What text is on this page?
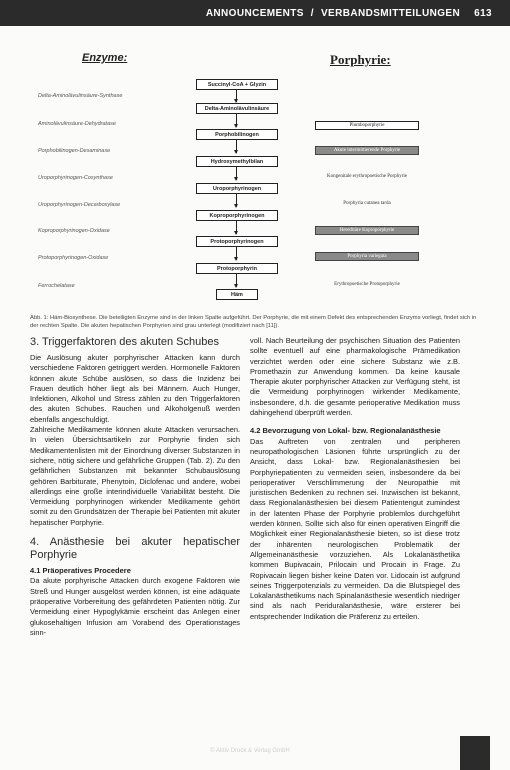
ANNOUNCEMENTS / VERBANDSMITTEILUNGEN 613
Enzyme:	Porphyrie:
Delta-Aminolävulinsäure-Synthase
Aminolävulinsäure-Dehydratase
Porphobilinogen-Desaminase
Uroporphyrinogen-Cosynthase
Uroporphyrinogen-Decarboxylase
Koproporphyrinogen-Oxidase
Protoporphyrinogen-Oxidase
Ferrochelatase
Succinyl-CoA + Glyzin
Delta-Aminolävulinsäure
Porphobilinogen
Hydroxymethylbilan
Uroporphyrinogen
Koproporphyrinogen
Protoporphyrinogen
Protoporphyrin
Häm
Plumboporphyrie
Akute intermittierende Porphyrie
Kongenitale erythropoetische Porphyrie
Porphyria cutanea tarda
Hereditäre Koproporphyrie
Porphyria variegata
Erythropoetische Protoporphyrie
Abb. 1: Häm-Biosynthese. Die beteiligten Enzyme sind in der linken Spalte aufgeführt. Der Porphyrie, die mit einem Defekt des entsprechenden Enzyms vorliegt, findet sich in der rechten Spalte. Die akuten hepatischen Porphyrien sind grau unterlegt (modifiziert nach [11]).
3. Triggerfaktoren des akuten Schubes

Die Auslösung akuter porphyrischer Attacken kann durch verschiedene Faktoren getriggert werden. Hormonelle Faktoren können akute Schübe auslösen, so dass die Inzidenz bei Frauen deutlich höher liegt als bei Männern. Auch Hunger, Infektionen, Alkohol und Stress zählen zu den Triggerfaktoren des akuten Schubes. Rauchen und Alkoholgenuß werden ebenfalls angeschuldigt.

Zahlreiche Medikamente können akute Attacken verursachen. In vielen Übersichtsartikeln zur Porphyrie finden sich Medikamentenlisten mit der Einordnung diverser Substanzen in sichere, nötig sichere und gefährliche Gruppen (Tab. 2). Zu den gefährlichen Substanzen mit bekannter Schubauslösung gehören Barbiturate, Phenytoin, Diclofenac und andere, wobei allerdings eine große interindividuelle Variabilität besteht. Die Vermeidung porphyrinogen wirkender Medikamente gehört somit zu den Grundsätzen der Therapie bei Patienten mit akuter hepatischer Porphyrie.

4. Anästhesie bei akuter hepatischer Porphyrie
4.1 Präoperatives Procedere

Da akute porphyrische Attacken durch exogene Faktoren wie Streß und Hunger ausgelöst werden können, ist eine adäquate präoperative Vorbereitung des gefährdeten Patienten nötig. Zur Vermeidung einer Hypoglykämie erscheint das Anlegen einer glukosehaltigen Infusion am Vorabend des Operationstages sinn-

voll. Nach Beurteilung der psychischen Situation des Patienten sollte eventuell auf eine pharmakologische Prämedikation verzichtet werden oder eine sichere Substanz wie z.B. Promethazin zur Anwendung kommen. Da keine kausale Therapie akuter porphyrischer Attacken zur Verfügung steht, ist die Vermeidung porphyrinogen wirkender Medikamente, insbesondere, d.h. die gesamte perioperative Medikation muss dahingehend überprüft werden.

4.2 Bevorzugung von Lokal- bzw. Regionalanästhesie

Das Auftreten von zentralen und peripheren neuropathologischen Läsionen führte ursprünglich zu der Ansicht, dass Lokal- bzw. Regionalanästhesien bei Porphyriepatienten zu vermeiden seien, insbesondere da bei perioperativer Verschlimmerung der Neuropathie mit juristischen Bedenken zu rechnen sei. Inzwischen ist bekannt, dass Regionalanästhesien bei diesem Patientengut zumindest in der latenten Phase der Porphyrie problemlos durchgeführt werden können. Sollte sich also für einen operativen Eingriff die Möglichkeit einer Regionalanästhesie bieten, so ist diese trotz der inhärenten neurologischen Problematik der Allgemeinanästhesie vorzuziehen. Als Lokalanästhetika kommen Bupivacain, Prilocain und Procain in Frage. Zu Ropivacain liegen bisher keine Daten vor. Lidocain ist aufgrund seines Triggerpotenzials zu vermeiden. Da die Blutspiegel des Lokalanästhetikums nach Spinalanästhesie wesentlich niedriger sind als nach Periduralanästhesie, wäre ersterer bei entsprechender Indikation die Präferenz zu erteilen.

© Aktiv Druck & Verlag GmbH
